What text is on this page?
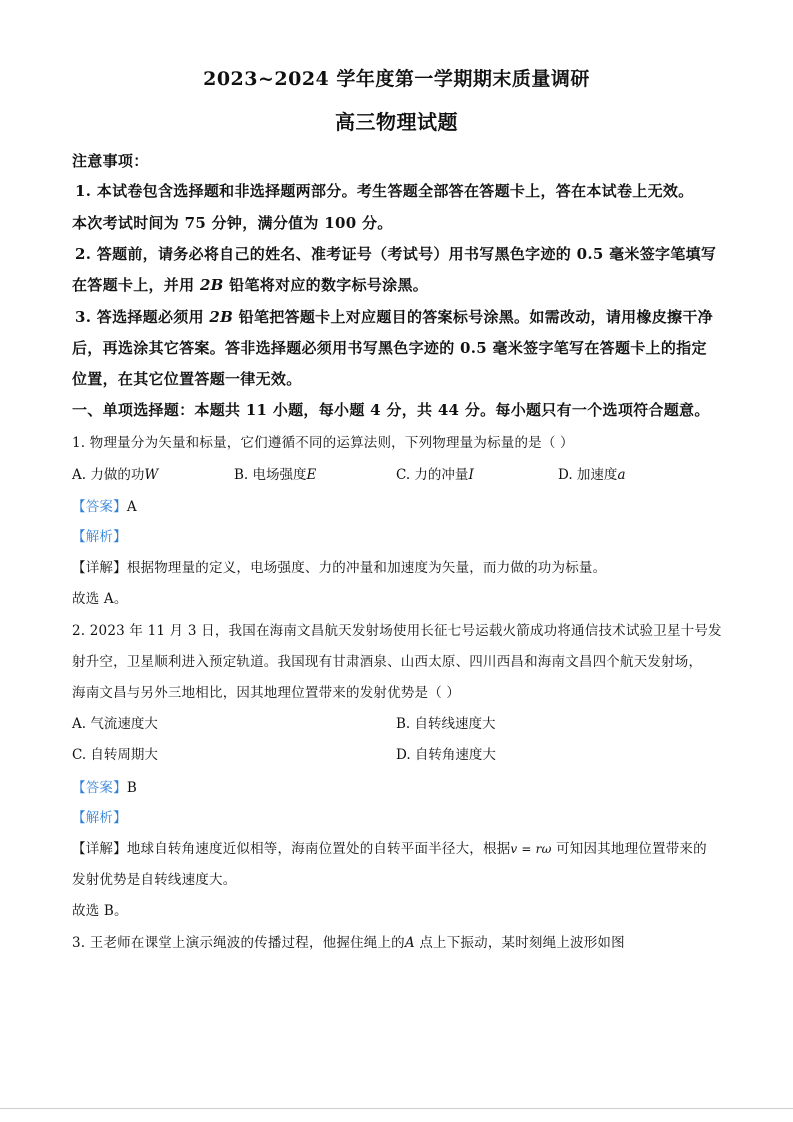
2023~2024 学年度第一学期期末质量调研
高三物理试题
注意事项：
1. 本试卷包含选择题和非选择题两部分。考生答题全部答在答题卡上，答在本试卷上无效。
本次考试时间为 75 分钟，满分值为 100 分。
2. 答题前，请务必将自己的姓名、准考证号（考试号）用书写黑色字迹的 0.5 毫米签字笔填写
在答题卡上，并用 2B 铅笔将对应的数字标号涂黑。
3. 答选择题必须用 2B 铅笔把答题卡上对应题目的答案标号涂黑。如需改动，请用橡皮擦干净
后，再选涂其它答案。答非选择题必须用书写黑色字迹的 0.5 毫米签字笔写在答题卡上的指定
位置，在其它位置答题一律无效。
一、单项选择题：本题共 11 小题，每小题 4 分，共 44 分。每小题只有一个选项符合题意。
1. 物理量分为矢量和标量，它们遵循不同的运算法则，下列物理量为标量的是（ ）
A. 力做的功W	B. 电场强度E	C. 力的冲量I	D. 加速度a
【答案】A
【解析】
【详解】根据物理量的定义，电场强度、力的冲量和加速度为矢量，而力做的功为标量。
故选 A。
2. 2023 年 11 月 3 日，我国在海南文昌航天发射场使用长征七号运载火箭成功将通信技术试验卫星十号发
射升空，卫星顺利进入预定轨道。我国现有甘肃酒泉、山西太原、四川西昌和海南文昌四个航天发射场，
海南文昌与另外三地相比，因其地理位置带来的发射优势是（ ）
A. 气流速度大	B. 自转线速度大
C. 自转周期大	D. 自转角速度大
【答案】B
【解析】
【详解】地球自转角速度近似相等，海南位置处的自转平面半径大，根据v = rω 可知因其地理位置带来的
发射优势是自转线速度大。
故选 B。
3. 王老师在课堂上演示绳波的传播过程，他握住绳上的A 点上下振动，某时刻绳上波形如图
